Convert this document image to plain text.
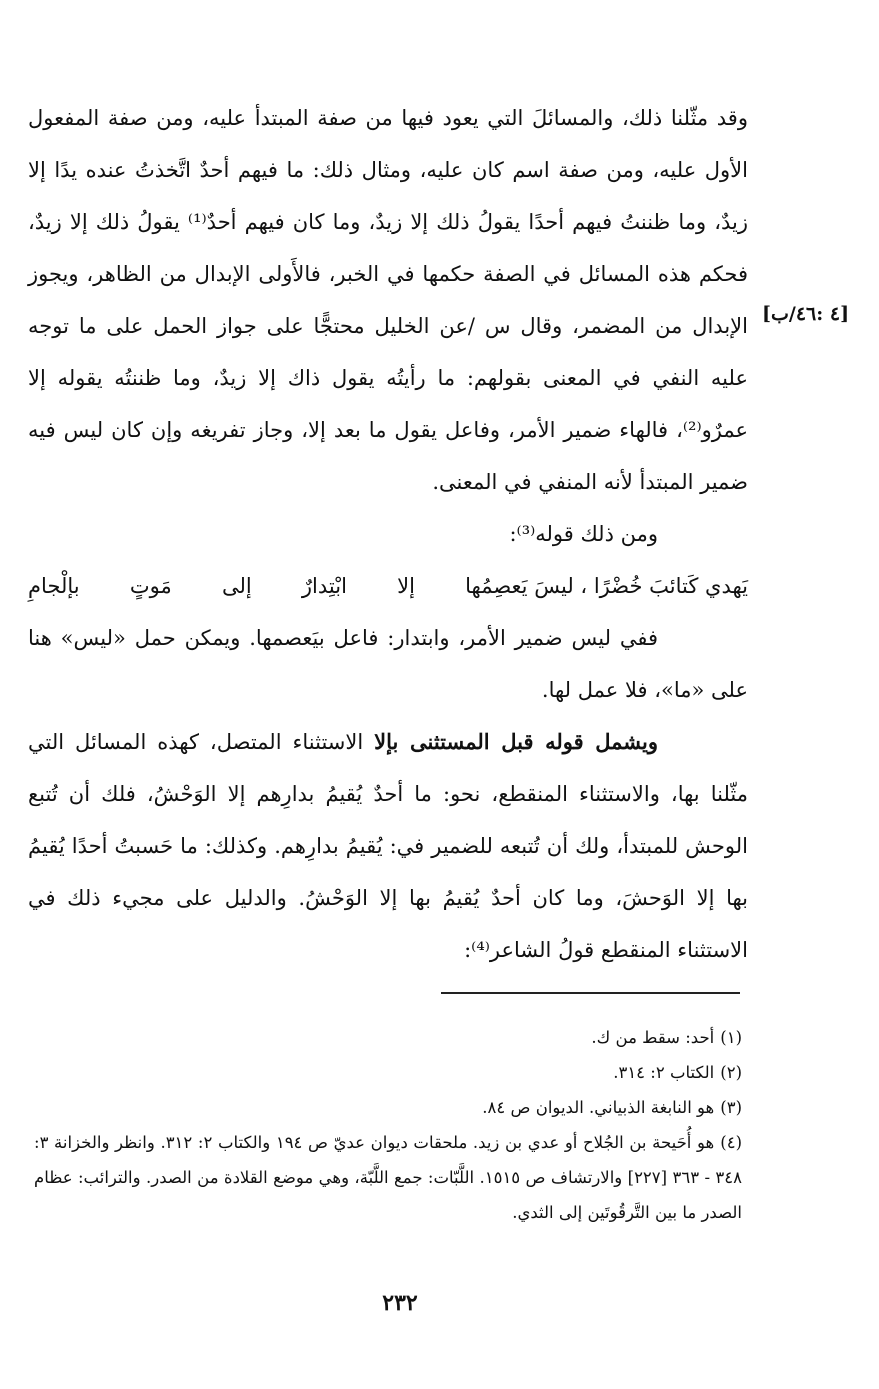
[٤ :٤٦/ب]

وقد مثّلنا ذلك، والمسائلَ التي يعود فيها من صفة المبتدأ عليه، ومن صفة المفعول الأول عليه، ومن صفة اسم كان عليه، ومثال ذلك: ما فيهم أحدٌ اتَّخذتُ عنده يدًا إلا زيدٌ، وما ظننتُ فيهم أحدًا يقولُ ذلك إلا زيدٌ، وما كان فيهم أحدٌ⁽¹⁾ يقولُ ذلك إلا زيدٌ، فحكم هذه المسائل في الصفة حكمها في الخبر، فالأَولى الإبدال من الظاهر، ويجوز الإبدال من المضمر، وقال س /عن الخليل محتجًّا على جواز الحمل على ما توجه عليه النفي في المعنى بقولهم: ما رأيتُه يقول ذاك إلا زيدٌ، وما ظننتُه يقوله إلا عمرٌو⁽²⁾، فالهاء ضمير الأمر، وفاعل يقول ما بعد إلا، وجاز تفريغه وإن كان ليس فيه ضمير المبتدأ لأنه المنفي في المعنى.

ومن ذلك قوله⁽³⁾:

يَهدي كَتائبَ خُضْرًا ، ليسَ يَعصِمُها
إلا
ابْتِدارٌ
إلى
مَوتٍ
بإلْجامِ

ففي ليس ضمير الأمر، وابتدار: فاعل بيَعصمها. ويمكن حمل «ليس» هنا على «ما»، فلا عمل لها.

ويشمل قوله قبل المستثنى بإلا الاستثناء المتصل، كهذه المسائل التي مثّلنا بها، والاستثناء المنقطع، نحو: ما أحدٌ يُقيمُ بدارِهم إلا الوَحْشُ، فلك أن تُتبع الوحش للمبتدأ، ولك أن تُتبعه للضمير في: يُقيمُ بدارِهم. وكذلك: ما حَسبتُ أحدًا يُقيمُ بها إلا الوَحشَ، وما كان أحدٌ يُقيمُ بها إلا الوَحْشُ. والدليل على مجيء ذلك في الاستثناء المنقطع قولُ الشاعر⁽⁴⁾:

(١)أحد: سقط من ك.

(٢)الكتاب ٢: ٣١٤.

(٣)هو النابغة الذبياني. الديوان ص ٨٤.

(٤)هو أُحَيحة بن الجُلاح أو عدي بن زيد. ملحقات ديوان عديّ ص ١٩٤ والكتاب ٢: ٣١٢. وانظر والخزانة ٣: ٣٤٨ - ٣٦٣ [٢٢٧] والارتشاف ص ١٥١٥. اللَّبّات: جمع اللَّبّة، وهي موضع القلادة من الصدر. والترائب: عظام الصدر ما بين التَّرقُوتَين إلى الثدي.

٢٣٢
